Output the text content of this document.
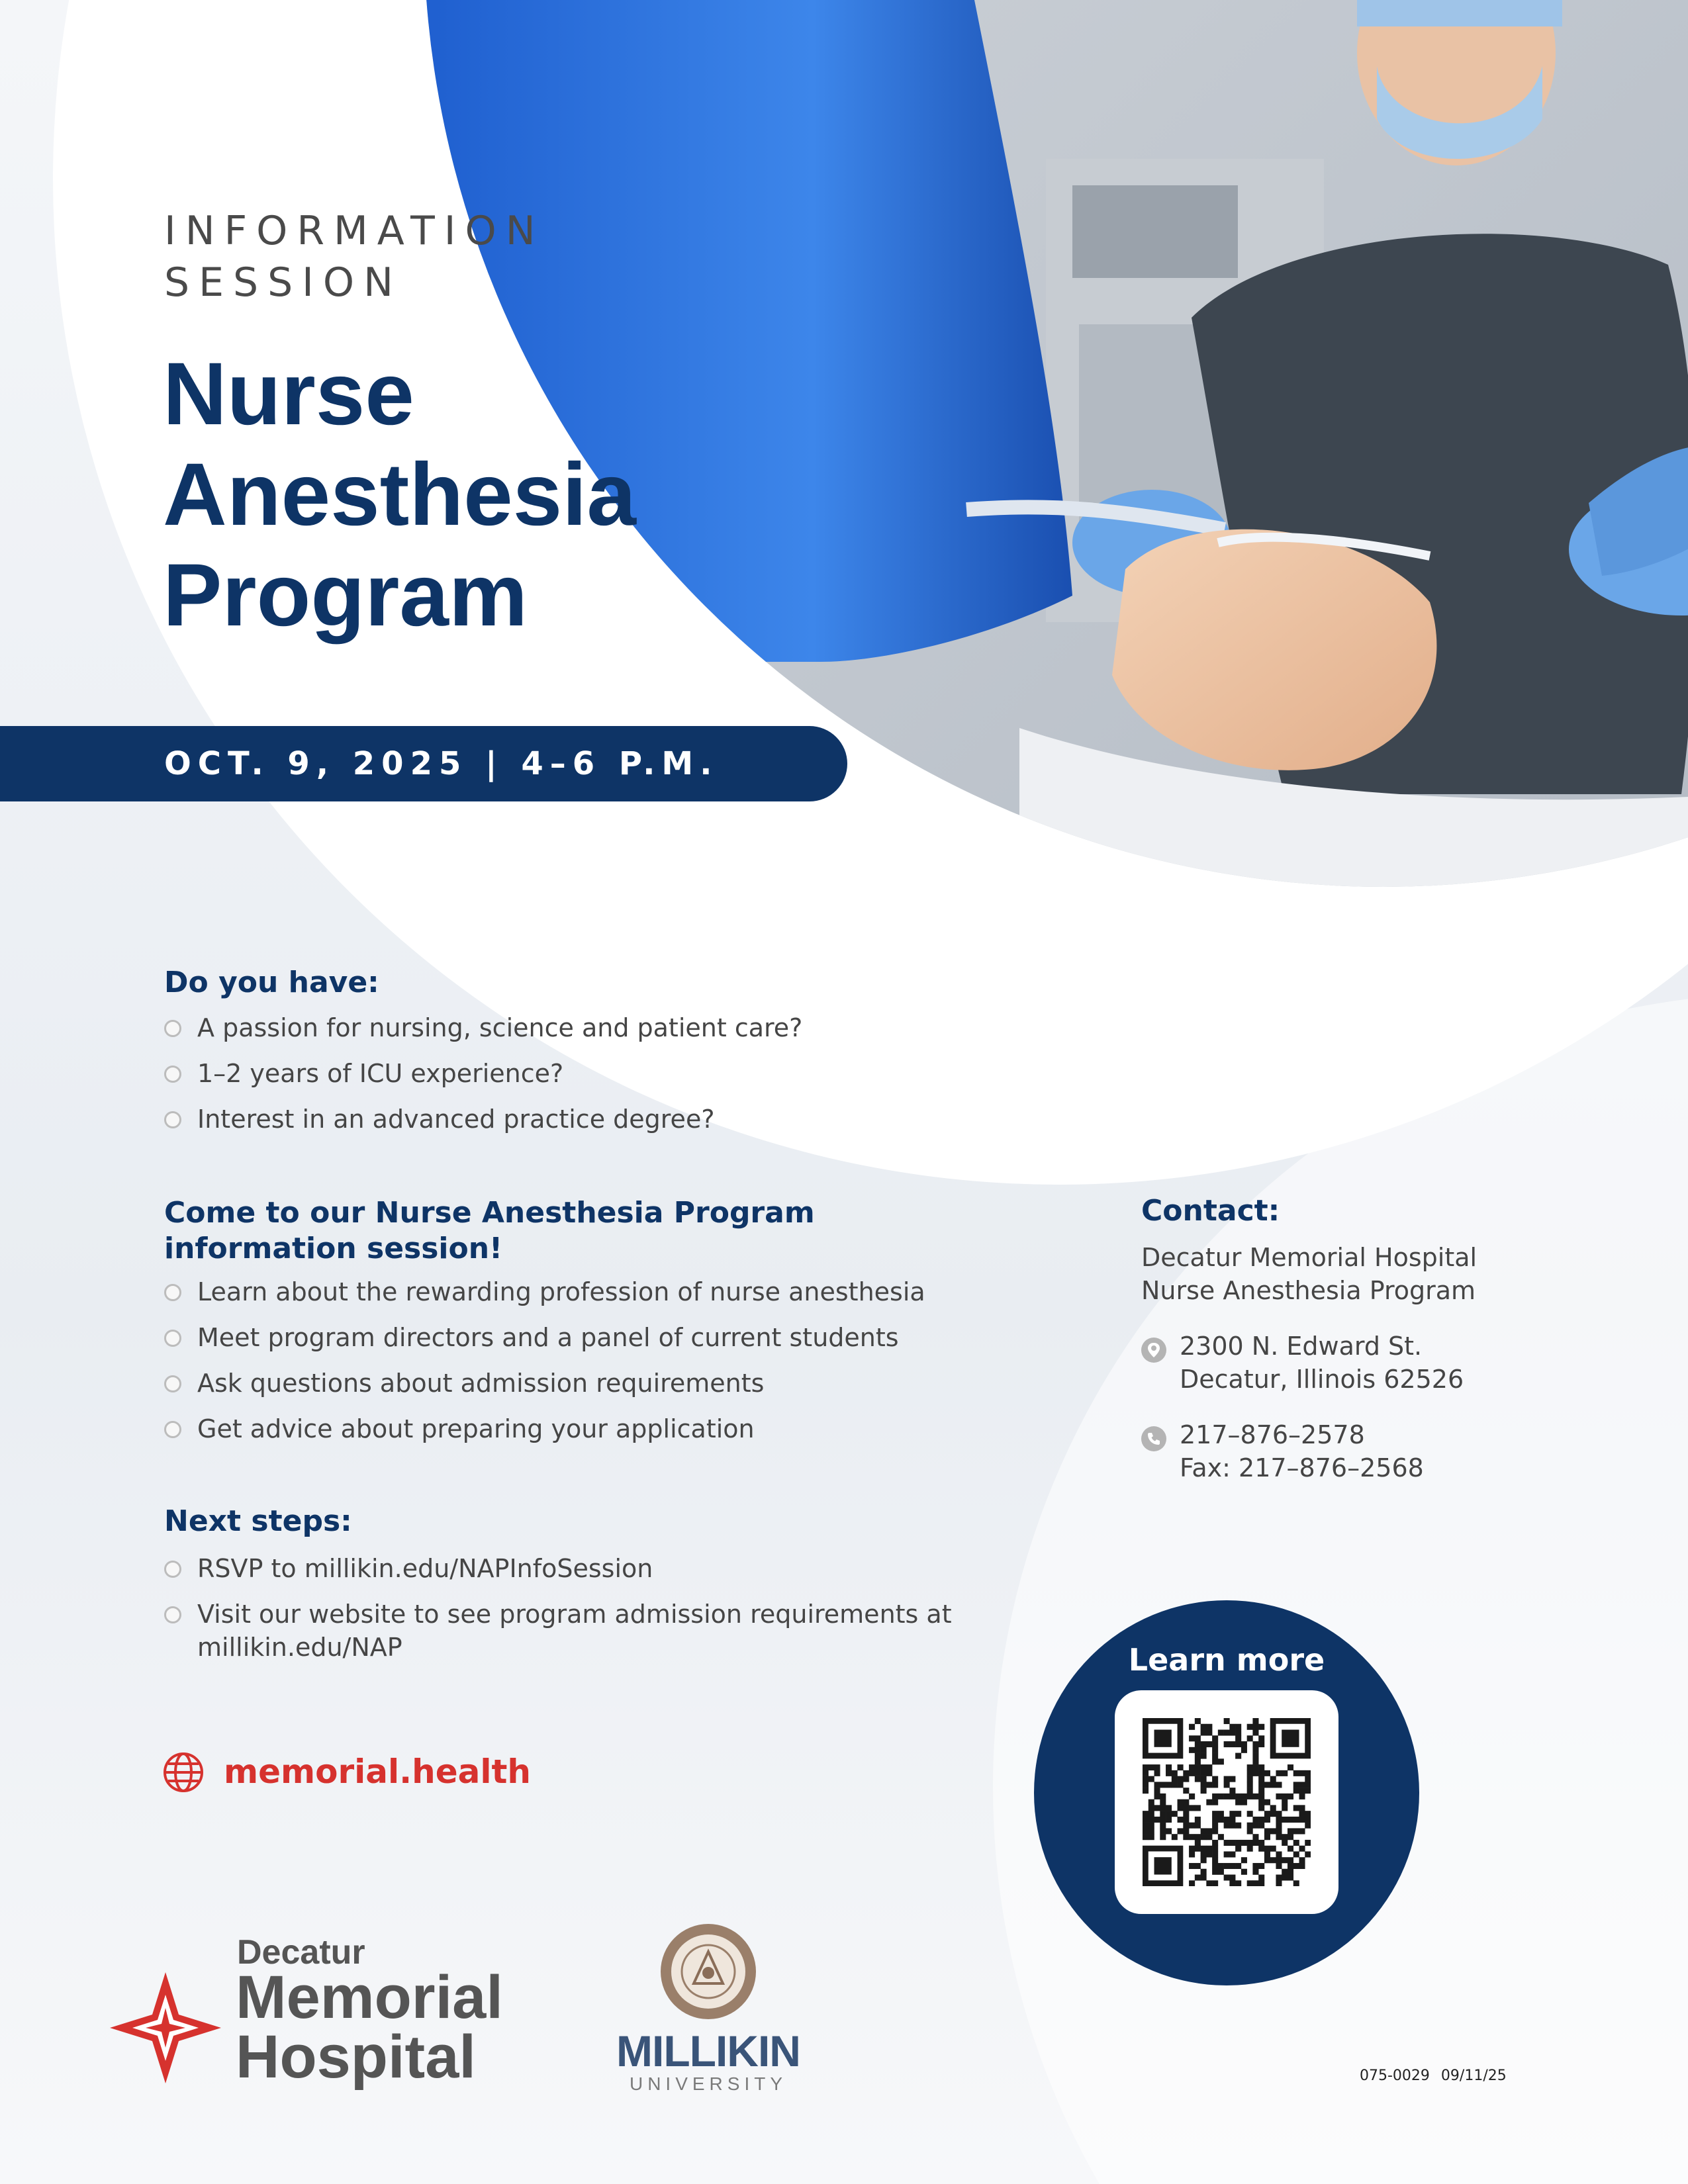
INFORMATION
SESSION
Nurse
Anesthesia
Program
OCT. 9, 2025 | 4–6 P.M.
Do you have:
A passion for nursing, science and patient care?
1–2 years of ICU experience?
Interest in an advanced practice degree?
Come to our Nurse Anesthesia Program
information session!
Learn about the rewarding profession of nurse anesthesia
Meet program directors and a panel of current students
Ask questions about admission requirements
Get advice about preparing your application
Next steps:
RSVP to millikin.edu/NAPInfoSession
Visit our website to see program admission requirements at
millikin.edu/NAP
Contact:
Decatur Memorial Hospital
Nurse Anesthesia Program
2300 N. Edward St.
Decatur, Illinois 62526
217–876–2578
Fax: 217–876–2568
memorial.health
Learn more
Decatur
Memorial
Hospital	MILLIKIN
UNIVERSITY	075-0029 09/11/25
